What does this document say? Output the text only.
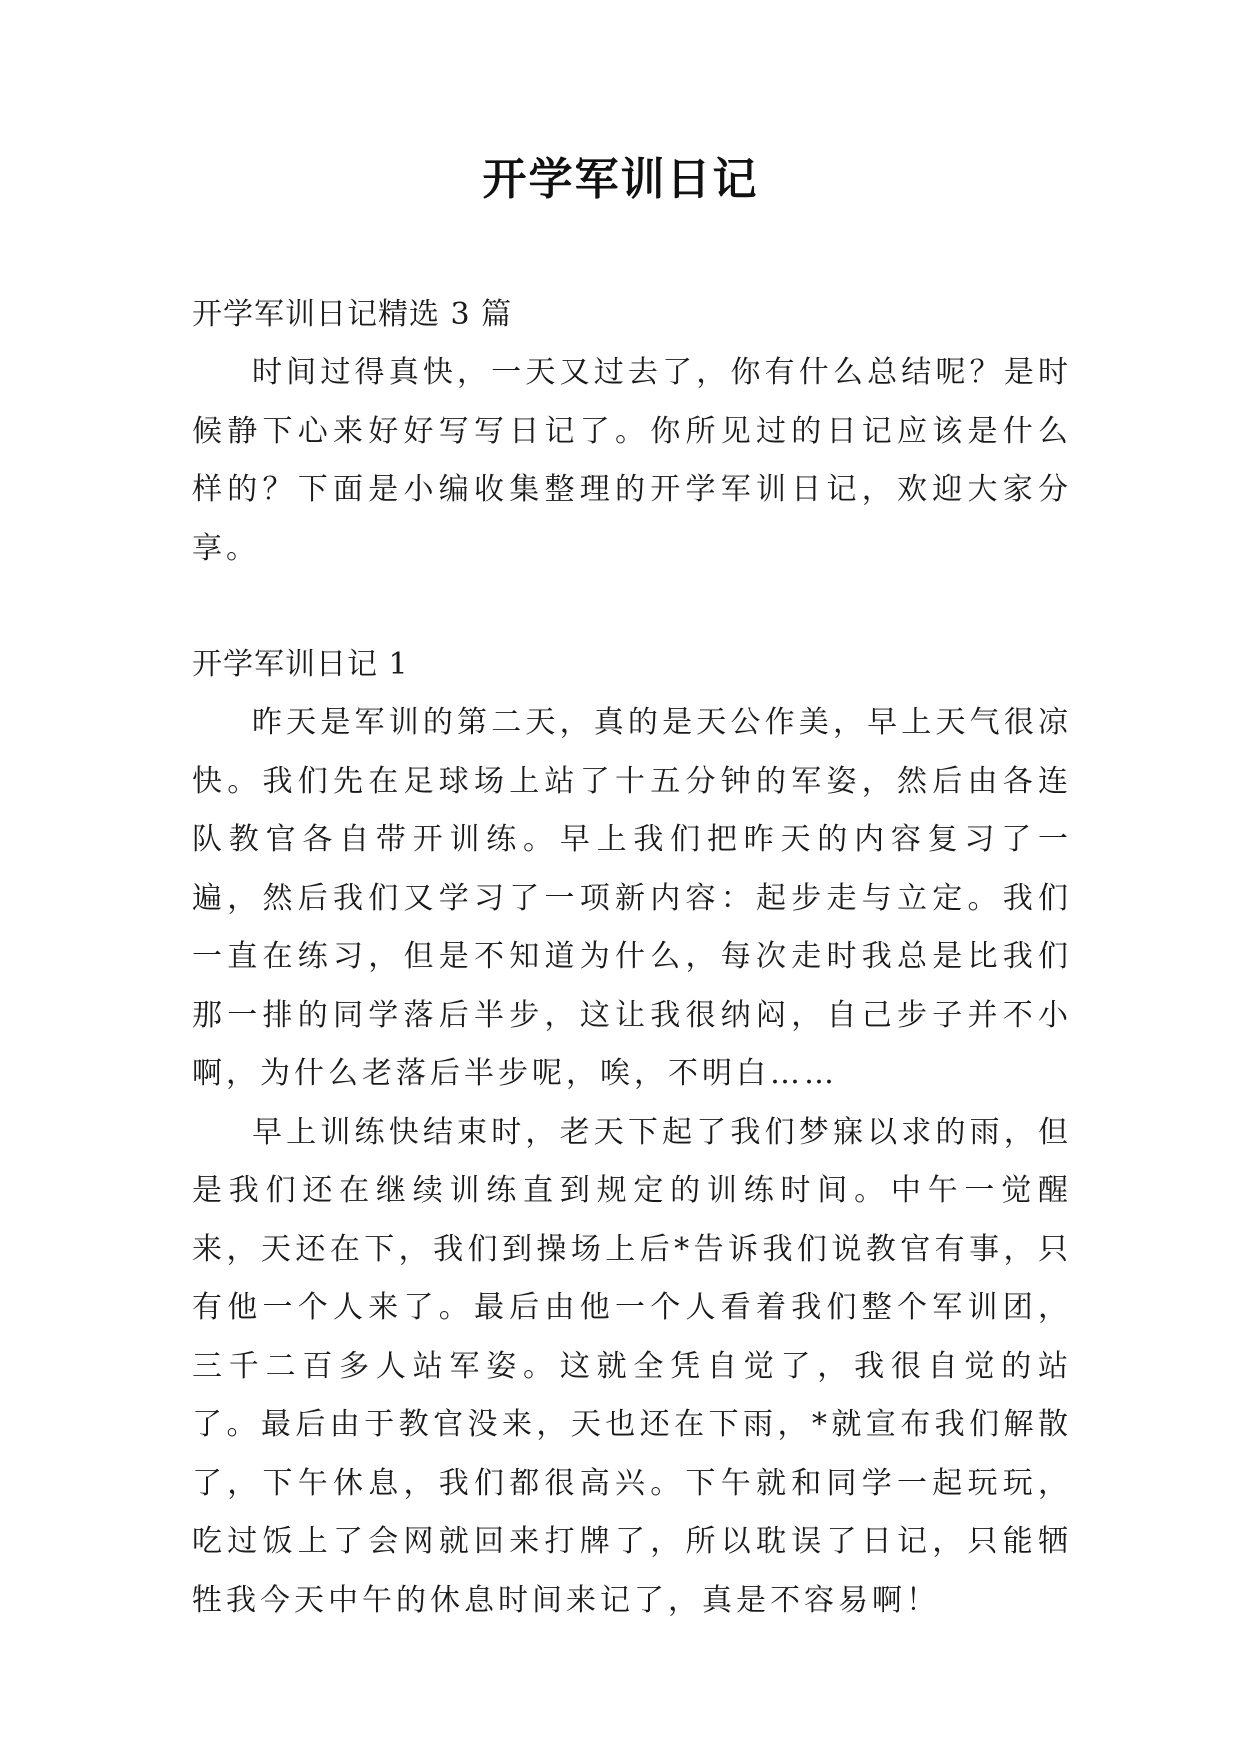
开学军训日记

开学军训日记精选 3 篇

时间过得真快，一天又过去了，你有什么总结呢？是时候静下心来好好写写日记了。你所见过的日记应该是什么样的？下面是小编收集整理的开学军训日记，欢迎大家分享。

开学军训日记 1

昨天是军训的第二天，真的是天公作美，早上天气很凉快。我们先在足球场上站了十五分钟的军姿，然后由各连队教官各自带开训练。早上我们把昨天的内容复习了一遍，然后我们又学习了一项新内容：起步走与立定。我们一直在练习，但是不知道为什么，每次走时我总是比我们那一排的同学落后半步，这让我很纳闷，自己步子并不小啊，为什么老落后半步呢，唉，不明白……

早上训练快结束时，老天下起了我们梦寐以求的雨，但是我们还在继续训练直到规定的训练时间。中午一觉醒来，天还在下，我们到操场上后*告诉我们说教官有事，只有他一个人来了。最后由他一个人看着我们整个军训团，三千二百多人站军姿。这就全凭自觉了，我很自觉的站了。最后由于教官没来，天也还在下雨，*就宣布我们解散了，下午休息，我们都很高兴。下午就和同学一起玩玩，吃过饭上了会网就回来打牌了，所以耽误了日记，只能牺牲我今天中午的休息时间来记了，真是不容易啊！
